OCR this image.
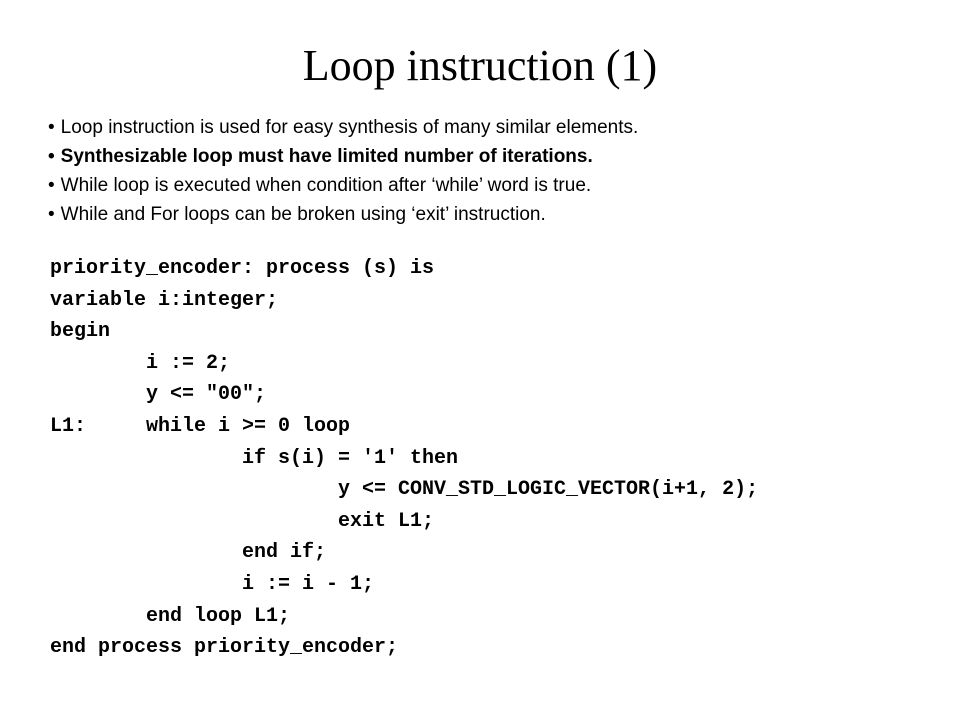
Loop instruction (1)
• Loop instruction is used for easy synthesis of many similar elements.
• Synthesizable loop must have limited number of iterations.
• While loop is executed when condition after ‘while’ word is true.
• While and For loops can be broken using ‘exit’ instruction.
priority_encoder: process (s) is
variable i:integer;
begin
i := 2;
y <= "00";
L1:	while i >= 0 loop
if s(i) = '1' then
y <= CONV_STD_LOGIC_VECTOR(i+1, 2);
exit L1;
end if;
i := i - 1;
end loop L1;
end process priority_encoder;
